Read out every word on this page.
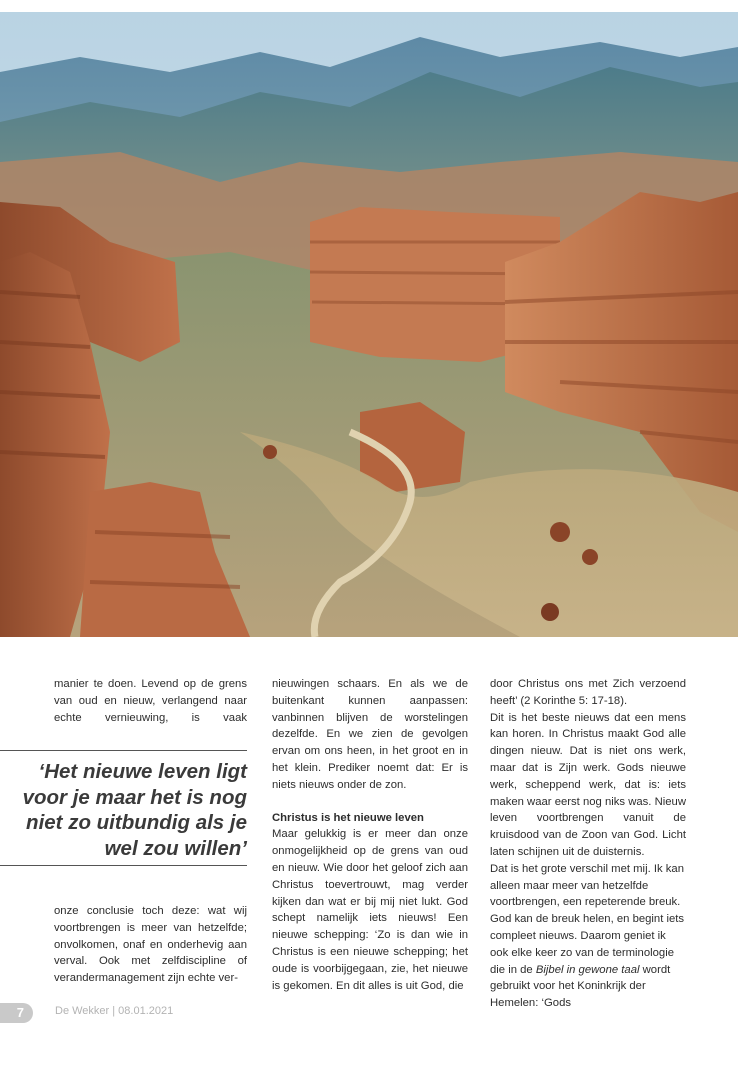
manier te doen. Levend op de grens van oud en nieuw, verlangend naar echte vernieuwing, is vaak

‘Het nieuwe leven ligt voor je maar het is nog niet zo uitbundig als je wel zou willen’

onze conclusie toch deze: wat wij voortbrengen is meer van hetzelfde; onvolkomen, onaf en onderhevig aan verval. Ook met zelfdiscipline of verandermanagement zijn echte ver-

nieuwingen schaars. En als we de buitenkant kunnen aanpassen: vanbinnen blijven de worstelingen dezelfde. En we zien de gevolgen ervan om ons heen, in het groot en in het klein. Prediker noemt dat: Er is niets nieuws onder de zon.

Christus is het nieuwe leven

Maar gelukkig is er meer dan onze onmogelijkheid op de grens van oud en nieuw. Wie door het geloof zich aan Christus toevertrouwt, mag verder kijken dan wat er bij mij niet lukt. God schept namelijk iets nieuws! Een nieuwe schepping: ‘Zo is dan wie in Christus is een nieuwe schepping; het oude is voorbijgegaan, zie, het nieuwe is gekomen. En dit alles is uit God, die

door Christus ons met Zich verzoend heeft’ (2 Korinthe 5: 17-18).

Dit is het beste nieuws dat een mens kan horen. In Christus maakt God alle dingen nieuw. Dat is niet ons werk, maar dat is Zijn werk. Gods nieuwe werk, scheppend werk, dat is: iets maken waar eerst nog niks was. Nieuw leven voortbrengen vanuit de kruisdood van de Zoon van God. Licht laten schijnen uit de duisternis.

Dat is het grote verschil met mij. Ik kan alleen maar meer van hetzelfde voortbrengen, een repeterende breuk. God kan de breuk helen, en begint iets compleet nieuws. Daarom geniet ik ook elke keer zo van de terminologie die in de Bijbel in gewone taal wordt gebruikt voor het Koninkrijk der Hemelen: ‘Gods

7	De Wekker | 08.01.2021
